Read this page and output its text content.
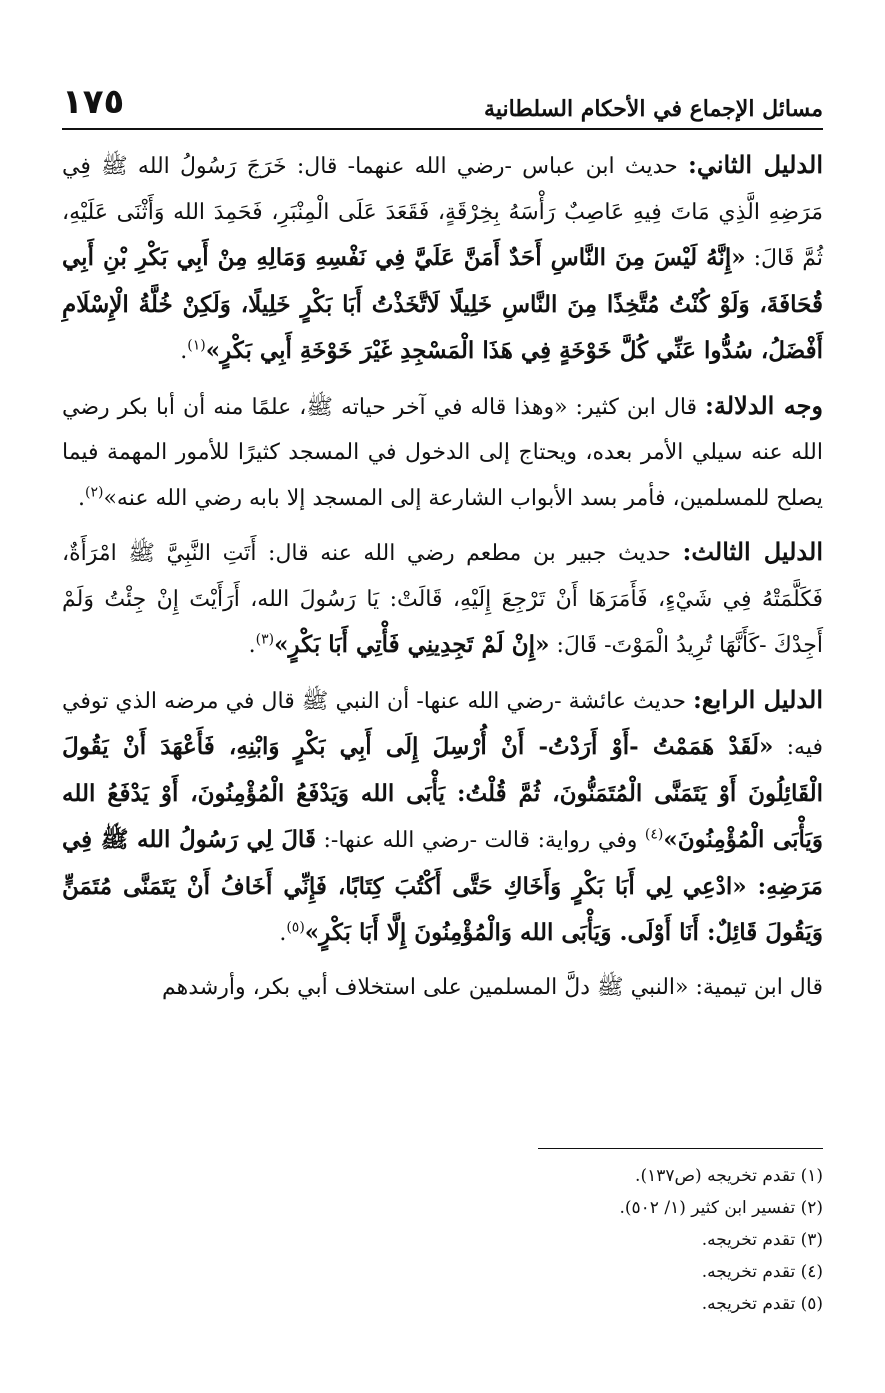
مسائل الإجماع في الأحكام السلطانية
١٧٥

الدليل الثاني: حديث ابن عباس -رضي الله عنهما- قال: خَرَجَ رَسُولُ الله ﷺ فِي مَرَضِهِ الَّذِي مَاتَ فِيهِ عَاصِبٌ رَأْسَهُ بِخِرْقَةٍ، فَقَعَدَ عَلَى الْمِنْبَرِ، فَحَمِدَ الله وَأَثْنَى عَلَيْهِ، ثُمَّ قَالَ: «إِنَّهُ لَيْسَ مِنَ النَّاسِ أَحَدٌ أَمَنَّ عَلَيَّ فِي نَفْسِهِ وَمَالِهِ مِنْ أَبِي بَكْرِ بْنِ أَبِي قُحَافَةَ، وَلَوْ كُنْتُ مُتَّخِذًا مِنَ النَّاسِ خَلِيلًا لَاتَّخَذْتُ أَبَا بَكْرٍ خَلِيلًا، وَلَكِنْ خُلَّةُ الْإِسْلَامِ أَفْضَلُ، سُدُّوا عَنِّي كُلَّ خَوْخَةٍ فِي هَذَا الْمَسْجِدِ غَيْرَ خَوْخَةِ أَبِي بَكْرٍ»$^{(١)}$.

وجه الدلالة: قال ابن كثير: «وهذا قاله في آخر حياته ﷺ، علمًا منه أن أبا بكر رضي الله عنه سيلي الأمر بعده، ويحتاج إلى الدخول في المسجد كثيرًا للأمور المهمة فيما يصلح للمسلمين، فأمر بسد الأبواب الشارعة إلى المسجد إلا بابه رضي الله عنه»$^{(٢)}$.

الدليل الثالث: حديث جبير بن مطعم رضي الله عنه قال: أَتَتِ النَّبِيَّ ﷺ امْرَأَةٌ، فَكَلَّمَتْهُ فِي شَيْءٍ، فَأَمَرَهَا أَنْ تَرْجِعَ إِلَيْهِ، قَالَتْ: يَا رَسُولَ الله، أَرَأَيْتَ إِنْ جِئْتُ وَلَمْ أَجِدْكَ -كَأَنَّهَا تُرِيدُ الْمَوْتَ- قَالَ: «إِنْ لَمْ تَجِدِينِي فَأْتِي أَبَا بَكْرٍ»$^{(٣)}$.

الدليل الرابع: حديث عائشة -رضي الله عنها- أن النبي ﷺ قال في مرضه الذي توفي فيه: «لَقَدْ هَمَمْتُ -أَوْ أَرَدْتُ- أَنْ أُرْسِلَ إِلَى أَبِي بَكْرٍ وَابْنِهِ، فَأَعْهَدَ أَنْ يَقُولَ الْقَائِلُونَ أَوْ يَتَمَنَّى الْمُتَمَنُّونَ، ثُمَّ قُلْتُ: يَأْبَى الله وَيَدْفَعُ الْمُؤْمِنُونَ، أَوْ يَدْفَعُ الله وَيَأْبَى الْمُؤْمِنُونَ»$^{(٤)}$ وفي رواية: قالت -رضي الله عنها-: قَالَ لِي رَسُولُ الله ﷺ فِي مَرَضِهِ: «ادْعِي لِي أَبَا بَكْرٍ وَأَخَاكِ حَتَّى أَكْتُبَ كِتَابًا، فَإِنِّي أَخَافُ أَنْ يَتَمَنَّى مُتَمَنٍّ وَيَقُولَ قَائِلٌ: أَنَا أَوْلَى. وَيَأْبَى الله وَالْمُؤْمِنُونَ إِلَّا أَبَا بَكْرٍ»$^{(٥)}$.

قال ابن تيمية: «النبي ﷺ دلَّ المسلمين على استخلاف أبي بكر، وأرشدهم

(١) تقدم تخريجه (ص١٣٧).
(٢) تفسير ابن كثير (١/ ٥٠٢).
(٣) تقدم تخريجه.
(٤) تقدم تخريجه.
(٥) تقدم تخريجه.
